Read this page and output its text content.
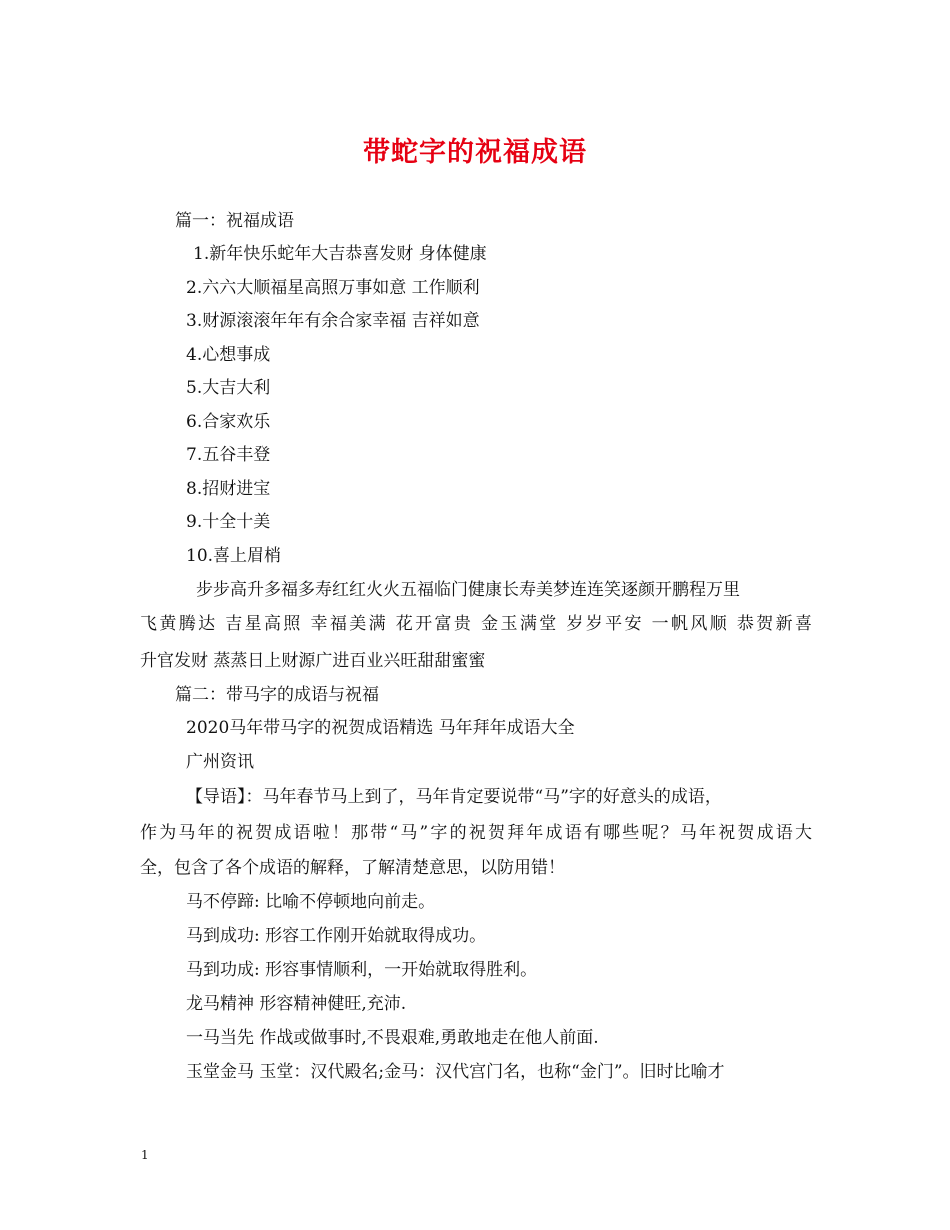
带蛇字的祝福成语
篇一：祝福成语
1.新年快乐蛇年大吉恭喜发财 身体健康
2.六六大顺福星高照万事如意 工作顺利
3.财源滚滚年年有余合家幸福 吉祥如意
4.心想事成
5.大吉大利
6.合家欢乐
7.五谷丰登
8.招财进宝
9.十全十美
10.喜上眉梢
步步高升多福多寿红红火火五福临门健康长寿美梦连连笑逐颜开鹏程万里
飞黄腾达 吉星高照 幸福美满 花开富贵 金玉满堂 岁岁平安 一帆风顺 恭贺新喜
升官发财 蒸蒸日上财源广进百业兴旺甜甜蜜蜜
篇二：带马字的成语与祝福
2020马年带马字的祝贺成语精选 马年拜年成语大全
广州资讯
【导语】：马年春节马上到了，马年肯定要说带“马”字的好意头的成语，
作为马年的祝贺成语啦！那带“马”字的祝贺拜年成语有哪些呢？马年祝贺成语大
全，包含了各个成语的解释，了解清楚意思，以防用错！
马不停蹄: 比喻不停顿地向前走。
马到成功: 形容工作刚开始就取得成功。
马到功成: 形容事情顺利，一开始就取得胜利。
龙马精神 形容精神健旺,充沛.
一马当先 作战或做事时,不畏艰难,勇敢地走在他人前面.
玉堂金马 玉堂：汉代殿名;金马：汉代宫门名，也称“金门”。旧时比喻才
1
